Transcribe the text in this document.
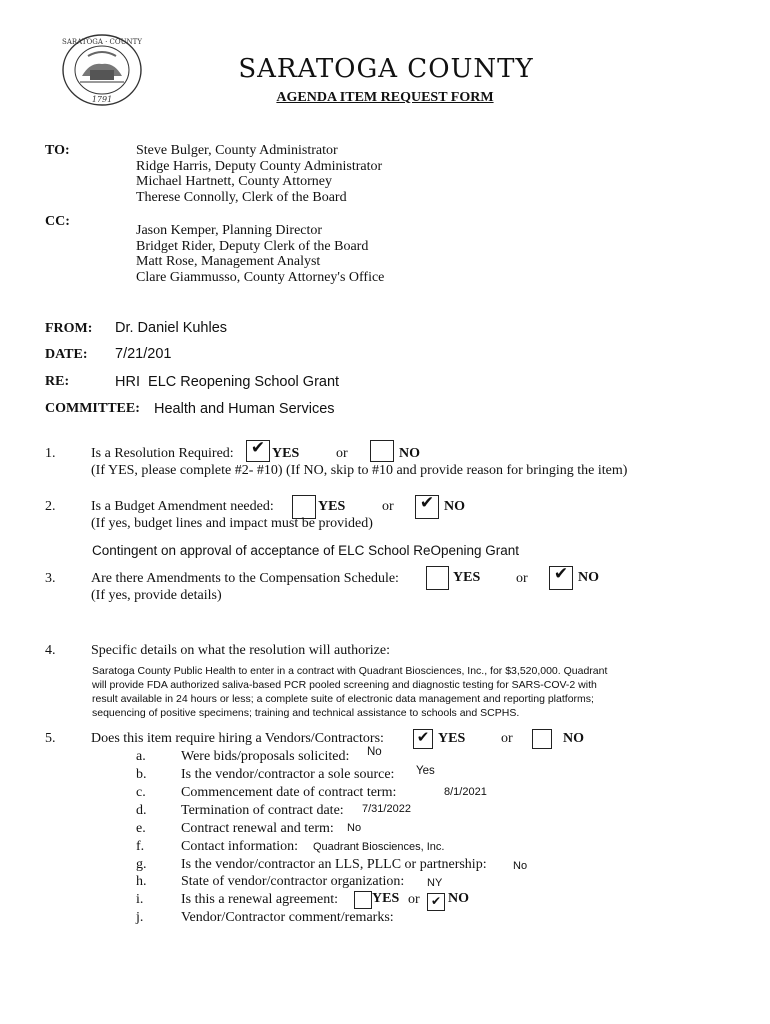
SARATOGA · COUNTY
1791
SARATOGA COUNTY
AGENDA ITEM REQUEST FORM
TO:	Steve Bulger, County Administrator
Ridge Harris, Deputy County Administrator
Michael Hartnett, County Attorney
Therese Connolly, Clerk of the Board
CC:
Jason Kemper, Planning Director
Bridget Rider, Deputy Clerk of the Board
Matt Rose, Management Analyst
Clare Giammusso, County Attorney's Office
FROM: Dr. Daniel Kuhles
DATE: 7/21/201
RE:	HRI  ELC Reopening School Grant
COMMITTEE: Health and Human Services
1.	Is a Resolution Required: ✔ YES	or	NO
(If YES, please complete #2- #10) (If NO, skip to #10 and provide reason for bringing the item)
2.	Is a Budget Amendment needed:	YES	or ✔ NO
(If yes, budget lines and impact must be provided)
Contingent on approval of acceptance of ELC School ReOpening Grant
3.	Are there Amendments to the Compensation Schedule:	YES	or ✔ NO
(If yes, provide details)
4.	Specific details on what the resolution will authorize:
Saratoga County Public Health to enter in a contract with Quadrant Biosciences, Inc., for $3,520,000. Quadrant
will provide FDA authorized saliva-based PCR pooled screening and diagnostic testing for SARS-COV-2 with
result available in 24 hours or less; a complete suite of electronic data management and reporting platforms;
sequencing of positive specimens; training and technical assistance to schools and SCPHS.
5.	Does this item require hiring a Vendors/Contractors: ✔ YES	or	NO
a.	Were bids/proposals solicited: No
b. Is the vendor/contractor a sole source: Yes
c.	Commencement date of contract term:	8/1/2021
d. Termination of contract date: 7/31/2022
e.	Contract renewal and term: No
f.	Contact information: Quadrant Biosciences, Inc.
g. Is the vendor/contractor an LLS, PLLC or partnership: No
h. State of vendor/contractor organization: NY
i.	Is this a renewal agreement: YES or ✔ NO
j.	Vendor/Contractor comment/remarks:
